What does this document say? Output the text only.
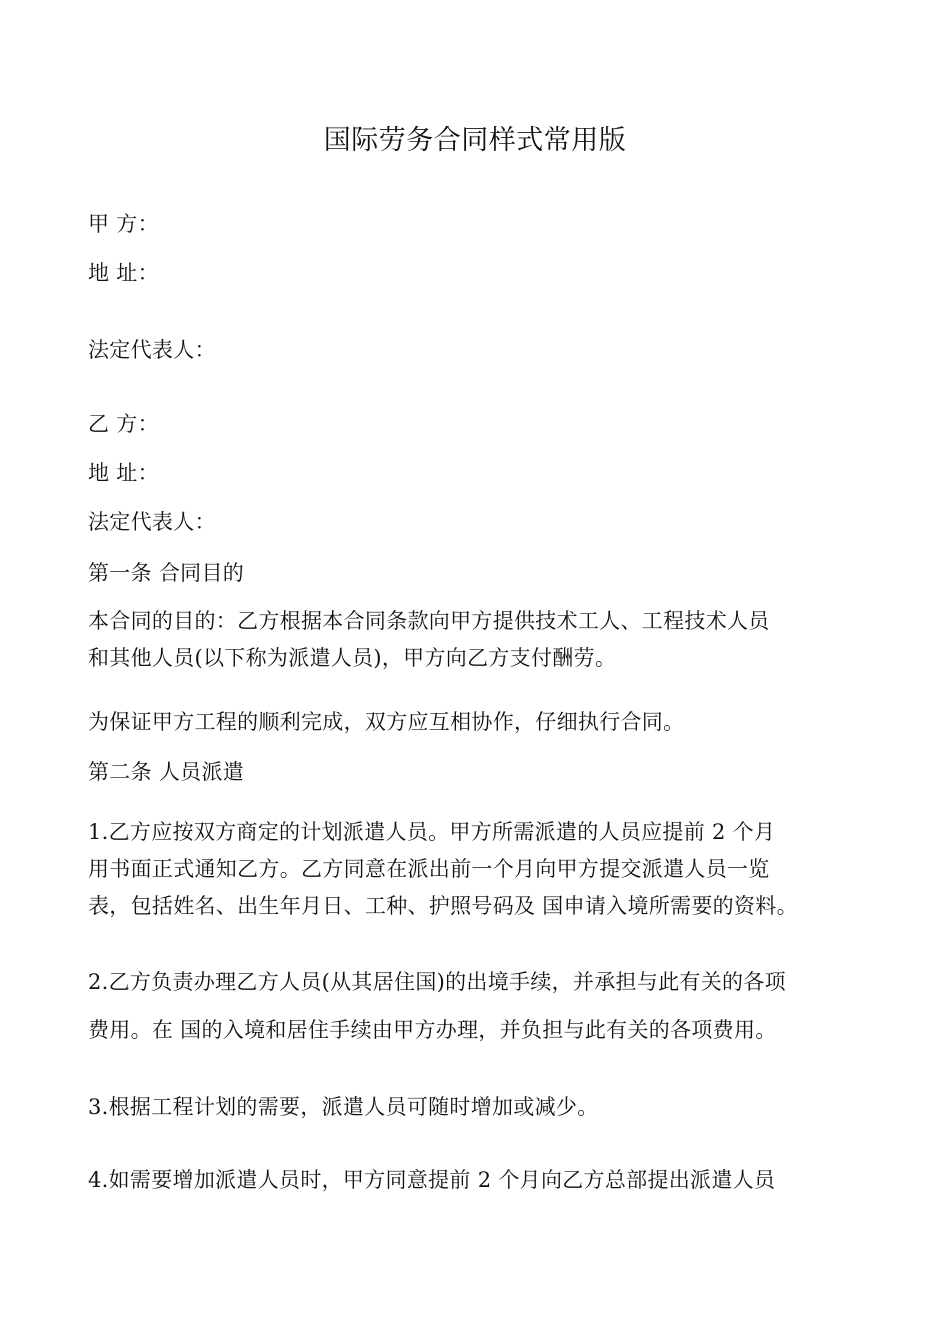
国际劳务合同样式常用版
甲 方：
地 址：
法定代表人：
乙 方：
地 址：
法定代表人：
第一条 合同目的
本合同的目的：乙方根据本合同条款向甲方提供技术工人、工程技术人员
和其他人员(以下称为派遣人员)，甲方向乙方支付酬劳。
为保证甲方工程的顺利完成，双方应互相协作，仔细执行合同。
第二条 人员派遣
1.乙方应按双方商定的计划派遣人员。甲方所需派遣的人员应提前 2 个月
用书面正式通知乙方。乙方同意在派出前一个月向甲方提交派遣人员一览
表，包括姓名、出生年月日、工种、护照号码及 国申请入境所需要的资料。
2.乙方负责办理乙方人员(从其居住国)的出境手续，并承担与此有关的各项
费用。在 国的入境和居住手续由甲方办理，并负担与此有关的各项费用。
3.根据工程计划的需要，派遣人员可随时增加或减少。
4.如需要增加派遣人员时，甲方同意提前 2 个月向乙方总部提出派遣人员
